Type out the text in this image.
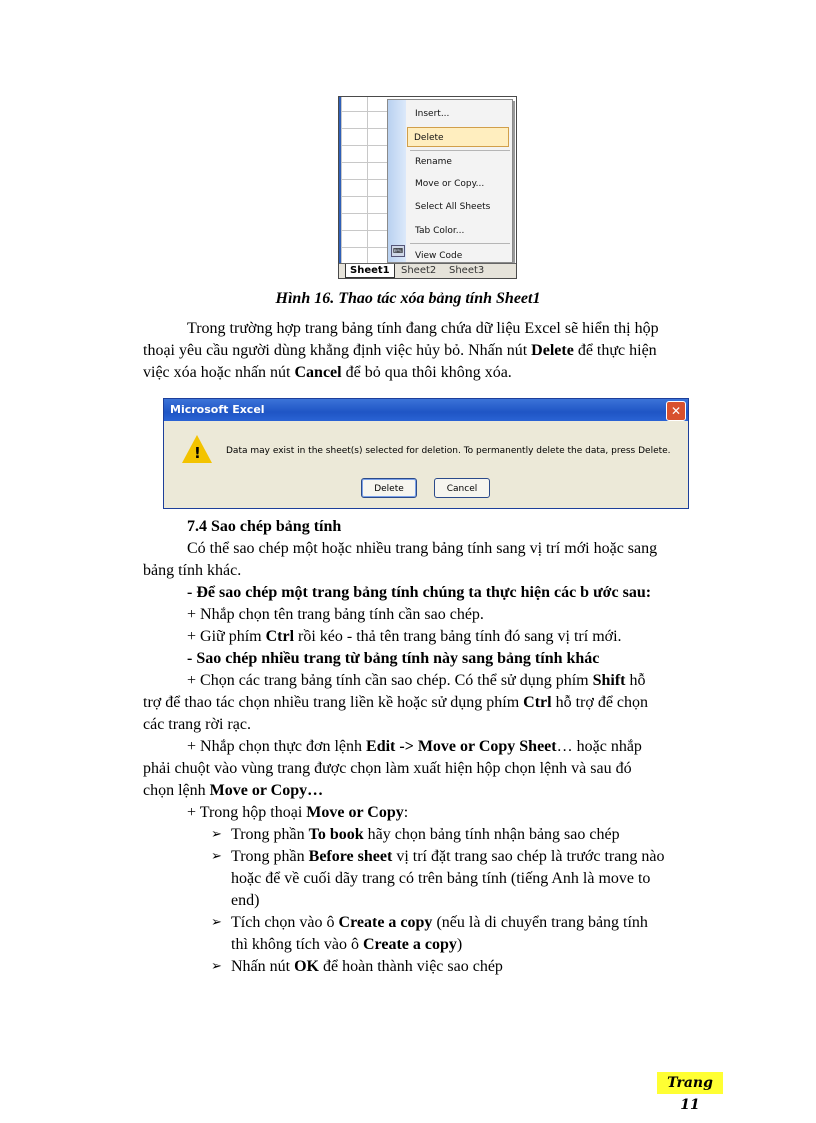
Insert...
Delete
Rename
Move or Copy...
Select All Sheets
Tab Color...
⌨	View Code
Sheet1	Sheet2	Sheet3
Hình 16. Thao tác xóa bảng tính Sheet1
Trong trường hợp trang bảng tính đang chứa dữ liệu Excel sẽ hiển thị hộp
thoại yêu cầu người dùng khẳng định việc hủy bỏ. Nhấn nút Delete để thực hiện
việc xóa hoặc nhấn nút Cancel để bỏ qua thôi không xóa.
Microsoft Excel	✕
!	Data may exist in the sheet(s) selected for deletion. To permanently delete the data, press Delete.
Delete	Cancel
7.4 Sao chép bảng tính
Có thể sao chép một hoặc nhiều trang bảng tính sang vị trí mới hoặc sang
bảng tính khác.
- Để sao chép một trang bảng tính chúng ta thực hiện các b ước sau:
+ Nhắp chọn tên trang bảng tính cần sao chép.
+ Giữ phím Ctrl rồi kéo - thả tên trang bảng tính đó sang vị trí mới.
- Sao chép nhiều trang từ bảng tính này sang bảng tính khác
+ Chọn các trang bảng tính cần sao chép. Có thể sử dụng phím Shift hỗ
trợ để thao tác chọn nhiều trang liền kề hoặc sử dụng phím Ctrl hỗ trợ để chọn
các trang rời rạc.
+ Nhắp chọn thực đơn lệnh Edit -> Move or Copy Sheet… hoặc nhắp
phải chuột vào vùng trang được chọn làm xuất hiện hộp chọn lệnh và sau đó
chọn lệnh Move or Copy…
+ Trong hộp thoại Move or Copy:
➢ Trong phần To book hãy chọn bảng tính nhận bảng sao chép
➢ Trong phần Before sheet vị trí đặt trang sao chép là trước trang nào
hoặc để về cuối dãy trang có trên bảng tính (tiếng Anh là move to
end)
➢ Tích chọn vào ô Create a copy (nếu là di chuyển trang bảng tính
thì không tích vào ô Create a copy)
➢ Nhấn nút OK để hoàn thành việc sao chép
Trang 11
